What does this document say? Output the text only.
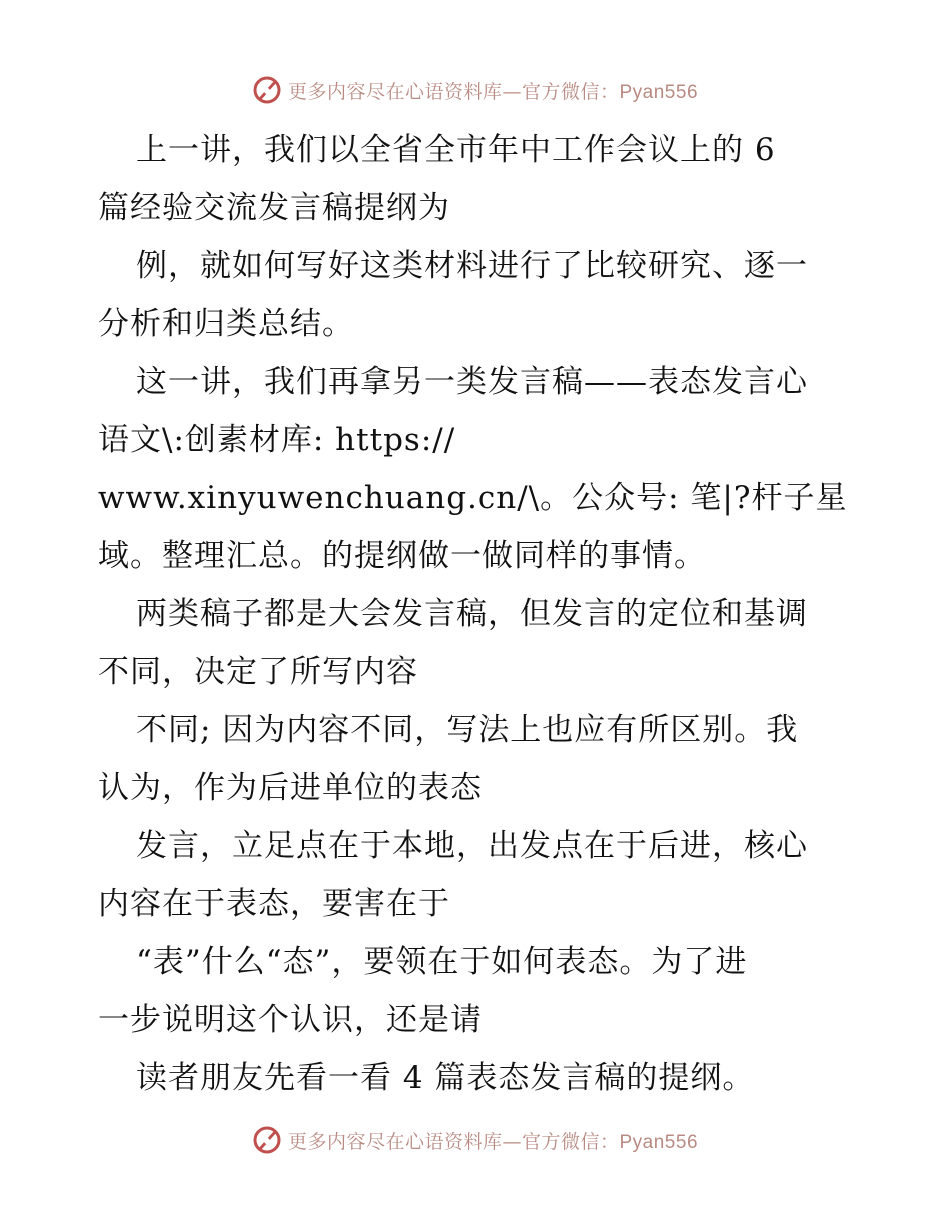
更多内容尽在心语资料库—官方微信：Pyan556
上一讲，我们以全省全市年中工作会议上的 6
篇经验交流发言稿提纲为
例，就如何写好这类材料进行了比较研究、逐一
分析和归类总结。
这一讲，我们再拿另一类发言稿——表态发言心
语文\:创素材库: https://
www.xinyuwenchuang.cn/\。公众号: 笔|?杆子星
域。整理汇总。的提纲做一做同样的事情。
两类稿子都是大会发言稿，但发言的定位和基调
不同，决定了所写内容
不同; 因为内容不同，写法上也应有所区别。我
认为，作为后进单位的表态
发言，立足点在于本地，出发点在于后进，核心
内容在于表态，要害在于
“表”什么“态”，要领在于如何表态。为了进
一步说明这个认识，还是请
读者朋友先看一看 4 篇表态发言稿的提纲。
更多内容尽在心语资料库—官方微信：Pyan556
